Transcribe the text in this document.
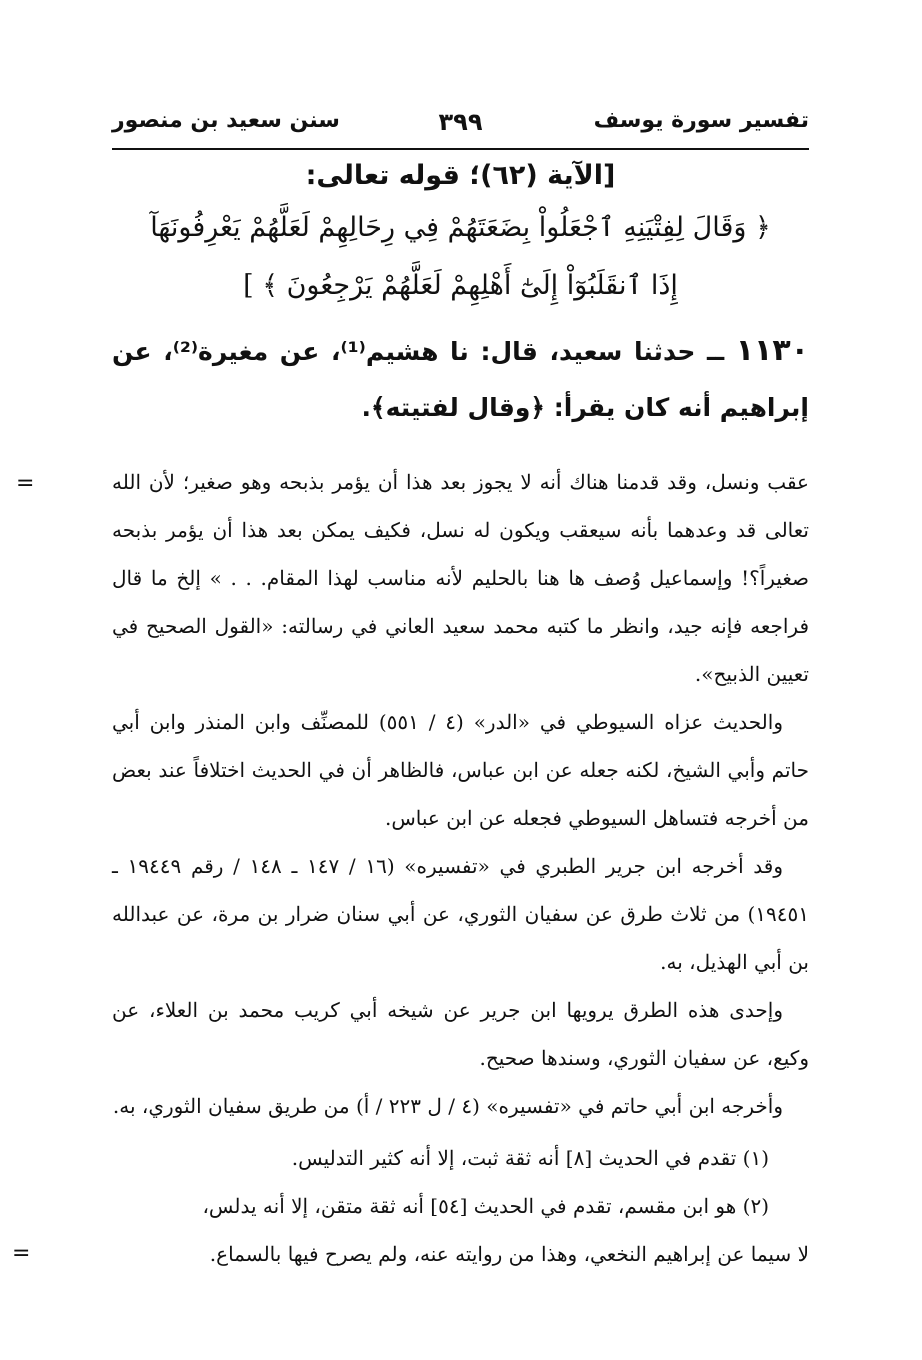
تفسير سورة يوسف
٣٩٩
سنن سعيد بن منصور
[الآية (٦٢)؛ قوله تعالى:
﴿ وَقَالَ لِفِتْيَنِهِ ٱجْعَلُواْ بِضَعَتَهُمْ فِي رِحَالِهِمْ لَعَلَّهُمْ يَعْرِفُونَهَآ
إِذَا ٱنقَلَبُوٓاْ إِلَىٰٓ أَهْلِهِمْ لَعَلَّهُمْ يَرْجِعُونَ ﴾ ]
١١٣٠ ــ حدثنا سعيد، قال: نا هشيم⁽¹⁾، عن مغيرة⁽²⁾، عن إبراهيم أنه كان يقرأ: ﴿وقال لفتيته﴾.
=	عقب ونسل، وقد قدمنا هناك أنه لا يجوز بعد هذا أن يؤمر بذبحه وهو صغير؛ لأن الله تعالى قد وعدهما بأنه سيعقب ويكون له نسل، فكيف يمكن بعد هذا أن يؤمر بذبحه صغيراً؟! وإسماعيل وُصف ها هنا بالحليم لأنه مناسب لهذا المقام. . . » إلخ ما قال فراجعه فإنه جيد، وانظر ما كتبه محمد سعيد العاني في رسالته: «القول الصحيح في تعيين الذبيح».

والحديث عزاه السيوطي في «الدر» (٤ / ٥٥١) للمصنِّف وابن المنذر وابن أبي حاتم وأبي الشيخ، لكنه جعله عن ابن عباس، فالظاهر أن في الحديث اختلافاً عند بعض من أخرجه فتساهل السيوطي فجعله عن ابن عباس.

وقد أخرجه ابن جرير الطبري في «تفسيره» (١٦ / ١٤٧ ـ ١٤٨ / رقم ١٩٤٤٩ ـ ١٩٤٥١) من ثلاث طرق عن سفيان الثوري، عن أبي سنان ضرار بن مرة، عن عبدالله بن أبي الهذيل، به.

وإحدى هذه الطرق يرويها ابن جرير عن شيخه أبي كريب محمد بن العلاء، عن وكيع، عن سفيان الثوري، وسندها صحيح.

وأخرجه ابن أبي حاتم في «تفسيره» (٤ / ل ٢٢٣ / أ) من طريق سفيان الثوري، به.

(١) تقدم في الحديث [٨] أنه ثقة ثبت، إلا أنه كثير التدليس.

(٢) هو ابن مقسم، تقدم في الحديث [٥٤] أنه ثقة متقن، إلا أنه يدلس،

لا سيما عن إبراهيم النخعي، وهذا من روايته عنه، ولم يصرح فيها بالسماع.
=
